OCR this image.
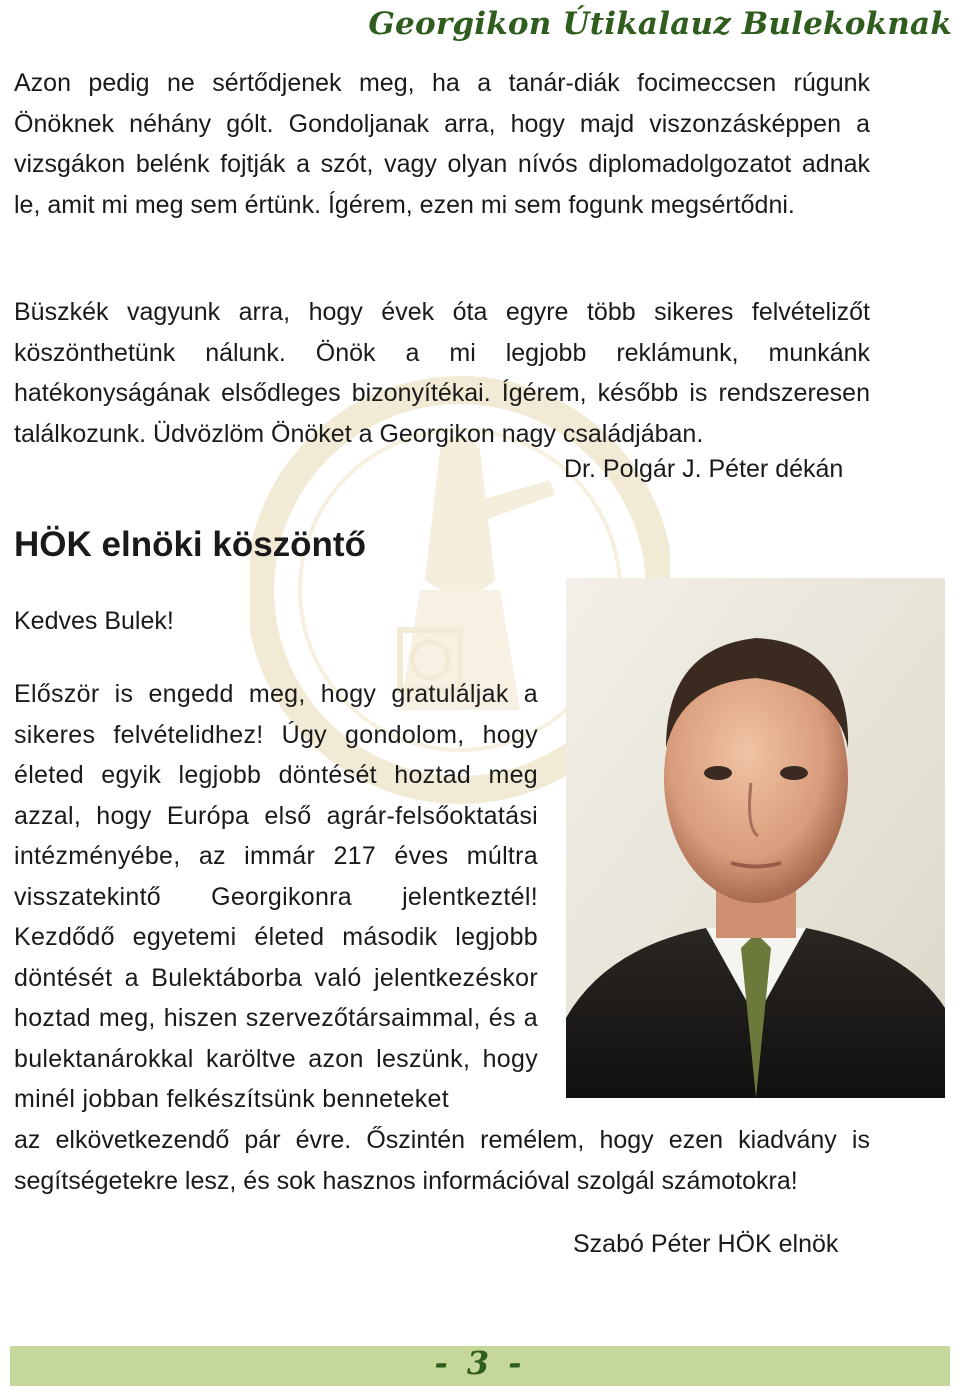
Georgikon Útikalauz Bulekoknak

Azon pedig ne sértődjenek meg, ha a tanár-diák focimeccsen rúgunk Önöknek néhány gólt. Gondoljanak arra, hogy majd viszonzásképpen a vizsgákon belénk fojtják a szót, vagy olyan nívós diplomadolgozatot adnak le, amit mi meg sem értünk. Ígérem, ezen mi sem fogunk megsértődni.

Büszkék vagyunk arra, hogy évek óta egyre több sikeres felvételizőt köszönthetünk nálunk. Önök a mi legjobb reklámunk, munkánk hatékonyságának elsődleges bizonyítékai. Ígérem, később is rendszeresen találkozunk. Üdvözlöm Önöket a Georgikon nagy családjában.

Dr. Polgár J. Péter dékán
HÖK elnöki köszöntő
Kedves Bulek!

Először is engedd meg, hogy gratuláljak a sikeres felvételidhez! Úgy gondolom, hogy életed egyik legjobb döntését hoztad meg azzal, hogy Európa első agrár-felsőoktatási intézményébe, az immár 217 éves múltra visszatekintő Georgikonra jelentkeztél! Kezdődő egyetemi életed második legjobb döntését a Bulektáborba való jelentkezéskor hoztad meg, hiszen szervezőtársaimmal, és a bulektanárokkal karöltve azon leszünk, hogy minél jobban felkészítsünk benneteket

az elkövetkezendő pár évre. Őszintén remélem, hogy ezen kiadvány is segítségetekre lesz, és sok hasznos információval szolgál számotokra!

Szabó Péter HÖK elnök
- 3 -
